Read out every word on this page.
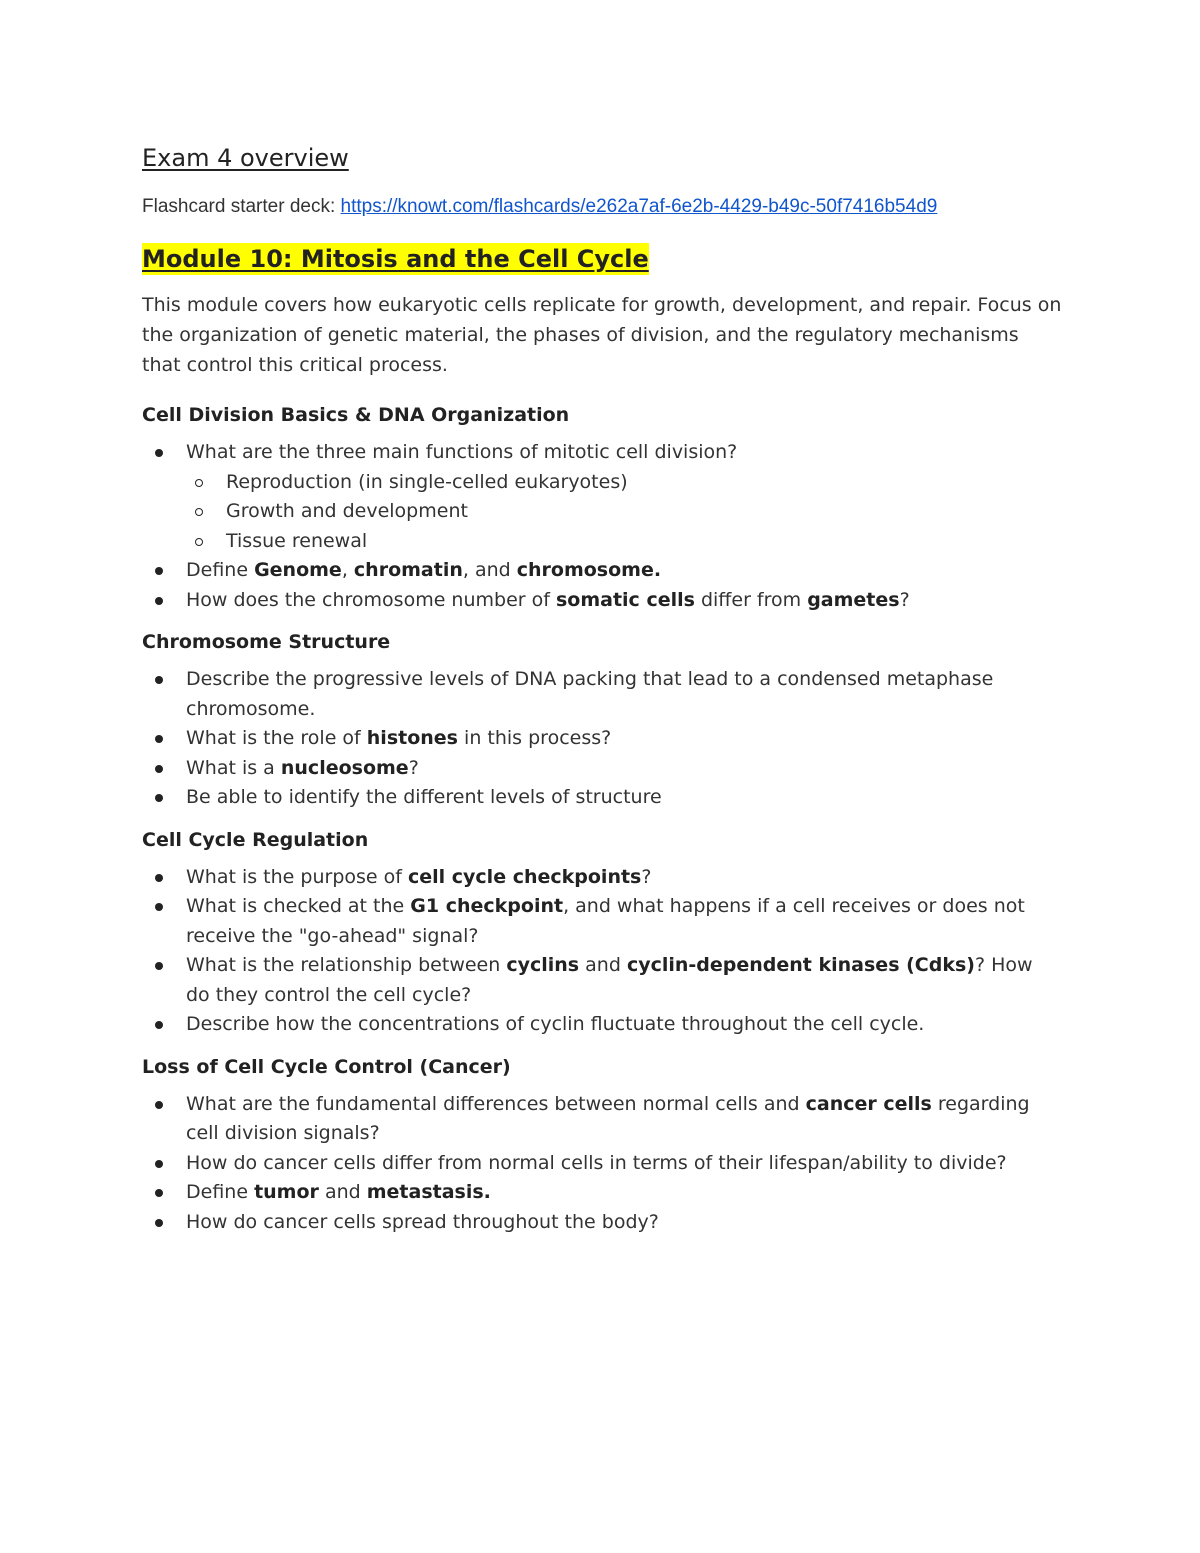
Exam 4 overview

Flashcard starter deck: https://knowt.com/flashcards/e262a7af-6e2b-4429-b49c-50f7416b54d9

Module 10: Mitosis and the Cell Cycle

This module covers how eukaryotic cells replicate for growth, development, and repair. Focus on the organization of genetic material, the phases of division, and the regulatory mechanisms that control this critical process.

Cell Division Basics & DNA Organization
What are the three main functions of mitotic cell division?
Reproduction (in single-celled eukaryotes)
Growth and development
Tissue renewal
Define Genome, chromatin, and chromosome.
How does the chromosome number of somatic cells differ from gametes?
Chromosome Structure
Describe the progressive levels of DNA packing that lead to a condensed metaphase chromosome.
What is the role of histones in this process?
What is a nucleosome?
Be able to identify the different levels of structure
Cell Cycle Regulation
What is the purpose of cell cycle checkpoints?
What is checked at the G1 checkpoint, and what happens if a cell receives or does not receive the "go-ahead" signal?
What is the relationship between cyclins and cyclin-dependent kinases (Cdks)? How do they control the cell cycle?
Describe how the concentrations of cyclin fluctuate throughout the cell cycle.
Loss of Cell Cycle Control (Cancer)
What are the fundamental differences between normal cells and cancer cells regarding cell division signals?
How do cancer cells differ from normal cells in terms of their lifespan/ability to divide?
Define tumor and metastasis.
How do cancer cells spread throughout the body?
